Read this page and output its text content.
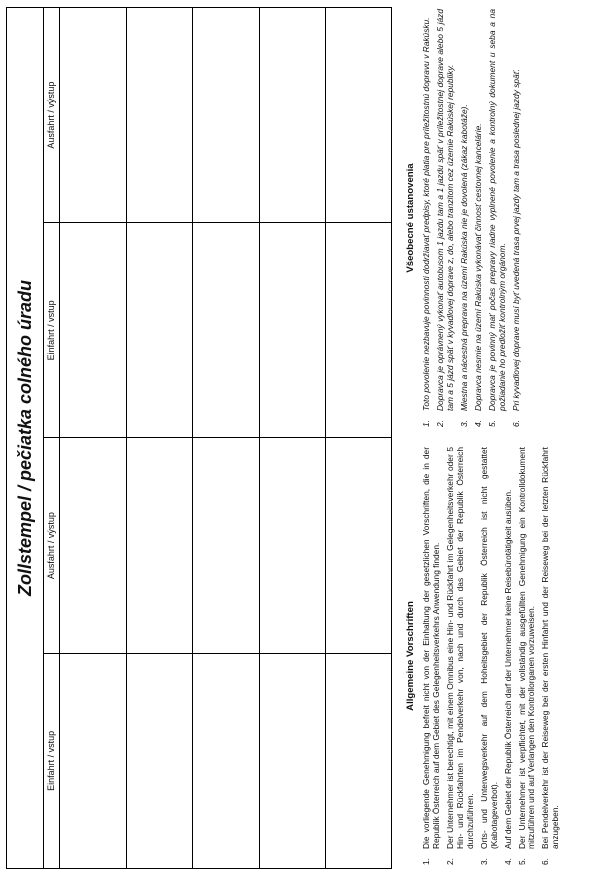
Zollstempel / pečiatka colného úradu
Einfahrt / vstup
Ausfahrt / výstup
Einfahrt / vstup
Ausfahrt / výstup
Allgemeine Vorschriften
1.
Die vorliegende Genehmigung befreit nicht von der Einhaltung der gesetzlichen Vorschriften, die in der Republik Österreich auf dem Gebiet des Gelegenheitsverkehrs Anwendung finden.
2.
Der Unternehmer ist berechtigt, mit einem Omnibus eine Hin- und Rückfahrt im Gelegenheitsverkehr oder 5 Hin- und Rückfahrten im Pendelverkehr von, nach und durch das Gebiet der Republik Österreich durchzuführen.
3.
Orts- und Unterwegsverkehr auf dem Hoheitsgebiet der Republik Österreich ist nicht gestattet (Kabotageverbot).
4.
Auf dem Gebiet der Republik Österreich darf der Unternehmer keine Reisebürotätigkeit ausüben.
5.
Der Unternehmer ist verpflichtet, mit der vollständig ausgefüllten Genehmigung ein Kontrolldokument mitzuführen und auf Verlangen den Kontrollorganen vorzuweisen.
6.
Bei Pendelverkehr ist der Reiseweg bei der ersten Hinfahrt und der Reiseweg bei der letzten Rückfahrt anzugeben.
Všeobecné ustanovenia
1.
Toto povolenie nezbavuje povinnosti dodržiavať predpisy, ktoré platia pre príležitostnú dopravu v Rakúsku.
2.
Dopravca je oprávnený vykonať autobusom 1 jazdu tam a 1 jazdu späť v príležitostnej doprave alebo 5 jázd tam a 5 jázd späť v kyvadlovej doprave z, do, alebo tranzitom cez územie Rakúskej republiky.
3.
Miestna a nácestná preprava na území Rakúska nie je dovolená (zákaz kabotáže).
4.
Dopravca nesmie na území Rakúska vykonávať činnosť cestovnej kancelárie.
5.
Dopravca je povinný mať počas prepravy riadne vyplnené povolenie a kontrolný dokument u seba a na požiadanie ho predložiť kontrolným orgánom.
6.
Pri kyvadlovej doprave musí byť uvedená trasa prvej jazdy tam a trasa poslednej jazdy späť.
